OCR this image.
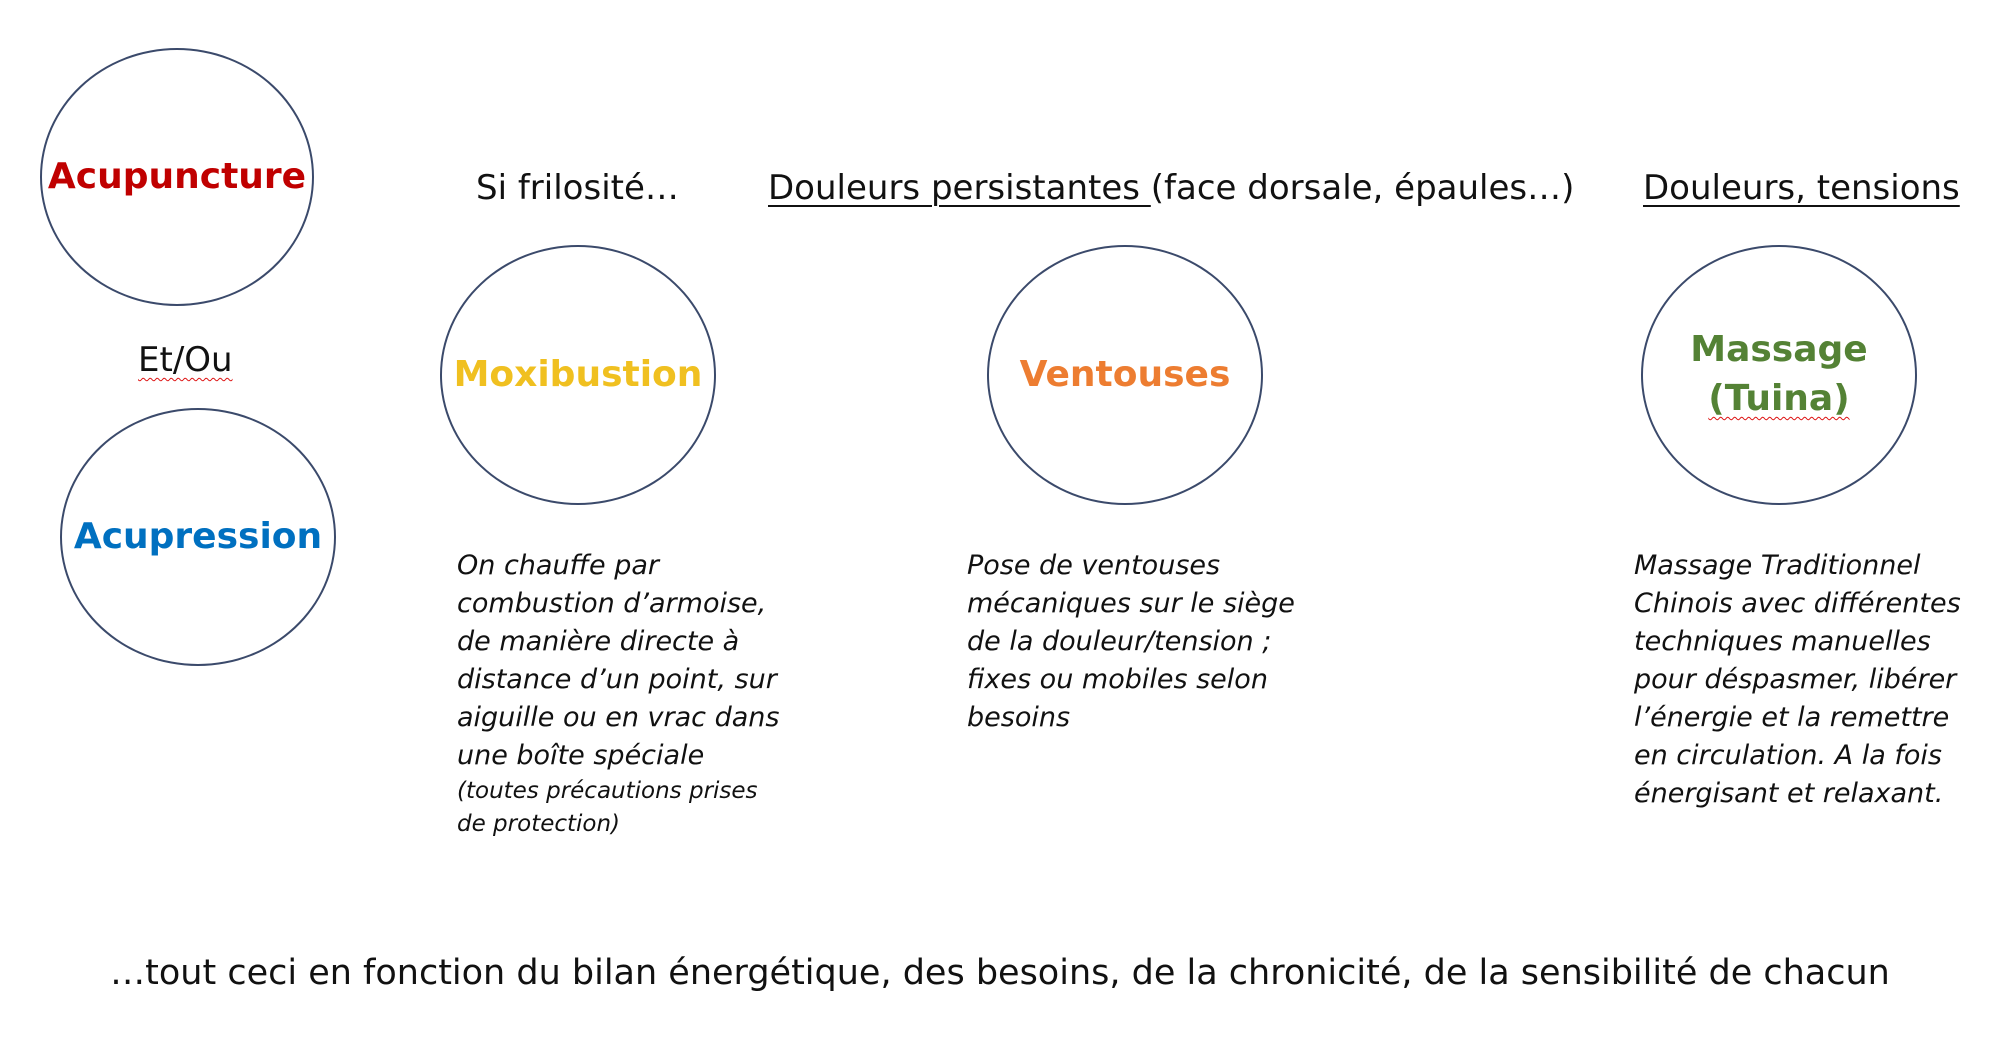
Acupuncture
Et/Ou
Acupression
Si frilosité…	Douleurs persistantes (face dorsale, épaules…) Douleurs, tensions
Moxibustion	Ventouses
Massage
(Tuina)
On chauffe par
combustion d’armoise,
de manière directe à
distance d’un point, sur
aiguille ou en vrac dans
une boîte spéciale
(toutes précautions prises
de protection)
Pose de ventouses
mécaniques sur le siège
de la douleur/tension ;
fixes ou mobiles selon
besoins
Massage Traditionnel
Chinois avec différentes
techniques manuelles
pour déspasmer, libérer
l’énergie et la remettre
en circulation. A la fois
énergisant et relaxant.
…tout ceci en fonction du bilan énergétique, des besoins, de la chronicité, de la sensibilité de chacun
